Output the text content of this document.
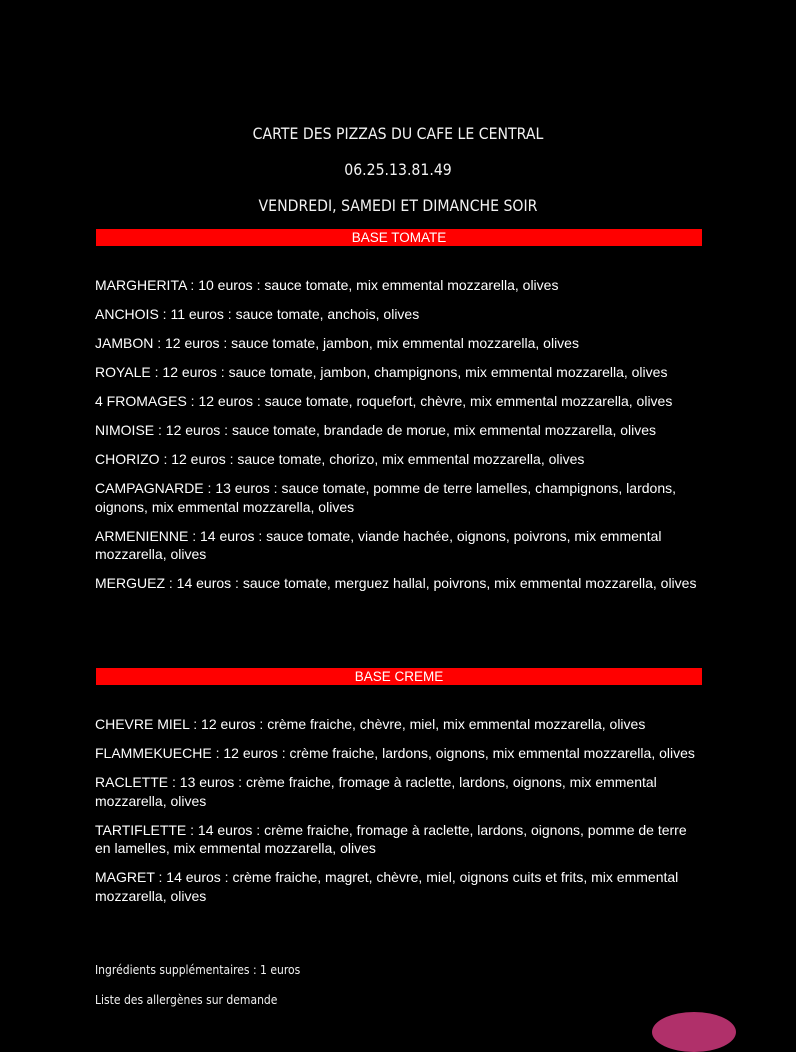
CARTE DES PIZZAS DU CAFE LE CENTRAL
06.25.13.81.49
VENDREDI, SAMEDI ET DIMANCHE SOIR
BASE TOMATE
MARGHERITA : 10 euros : sauce tomate, mix emmental mozzarella, olives
ANCHOIS : 11 euros : sauce tomate, anchois, olives
JAMBON : 12 euros : sauce tomate, jambon, mix emmental mozzarella, olives
ROYALE : 12 euros : sauce tomate, jambon, champignons, mix emmental mozzarella, olives
4 FROMAGES : 12 euros : sauce tomate, roquefort, chèvre, mix emmental mozzarella, olives
NIMOISE : 12 euros : sauce tomate, brandade de morue, mix emmental mozzarella, olives
CHORIZO : 12 euros : sauce tomate, chorizo, mix emmental mozzarella, olives
CAMPAGNARDE : 13 euros : sauce tomate, pomme de terre lamelles, champignons, lardons, oignons, mix emmental mozzarella, olives
ARMENIENNE : 14 euros : sauce tomate, viande hachée, oignons, poivrons, mix emmental mozzarella, olives
MERGUEZ : 14 euros : sauce tomate, merguez hallal, poivrons, mix emmental mozzarella, olives
BASE CREME
CHEVRE MIEL : 12 euros : crème fraiche, chèvre, miel, mix emmental mozzarella, olives
FLAMMEKUECHE : 12 euros : crème fraiche, lardons, oignons, mix emmental mozzarella, olives
RACLETTE : 13 euros : crème fraiche, fromage à raclette, lardons, oignons, mix emmental mozzarella, olives
TARTIFLETTE : 14 euros : crème fraiche, fromage à raclette, lardons, oignons, pomme de terre en lamelles, mix emmental mozzarella, olives
MAGRET : 14 euros : crème fraiche, magret, chèvre, miel, oignons cuits et frits, mix emmental mozzarella, olives
Ingrédients supplémentaires : 1 euros
Liste des allergènes sur demande
